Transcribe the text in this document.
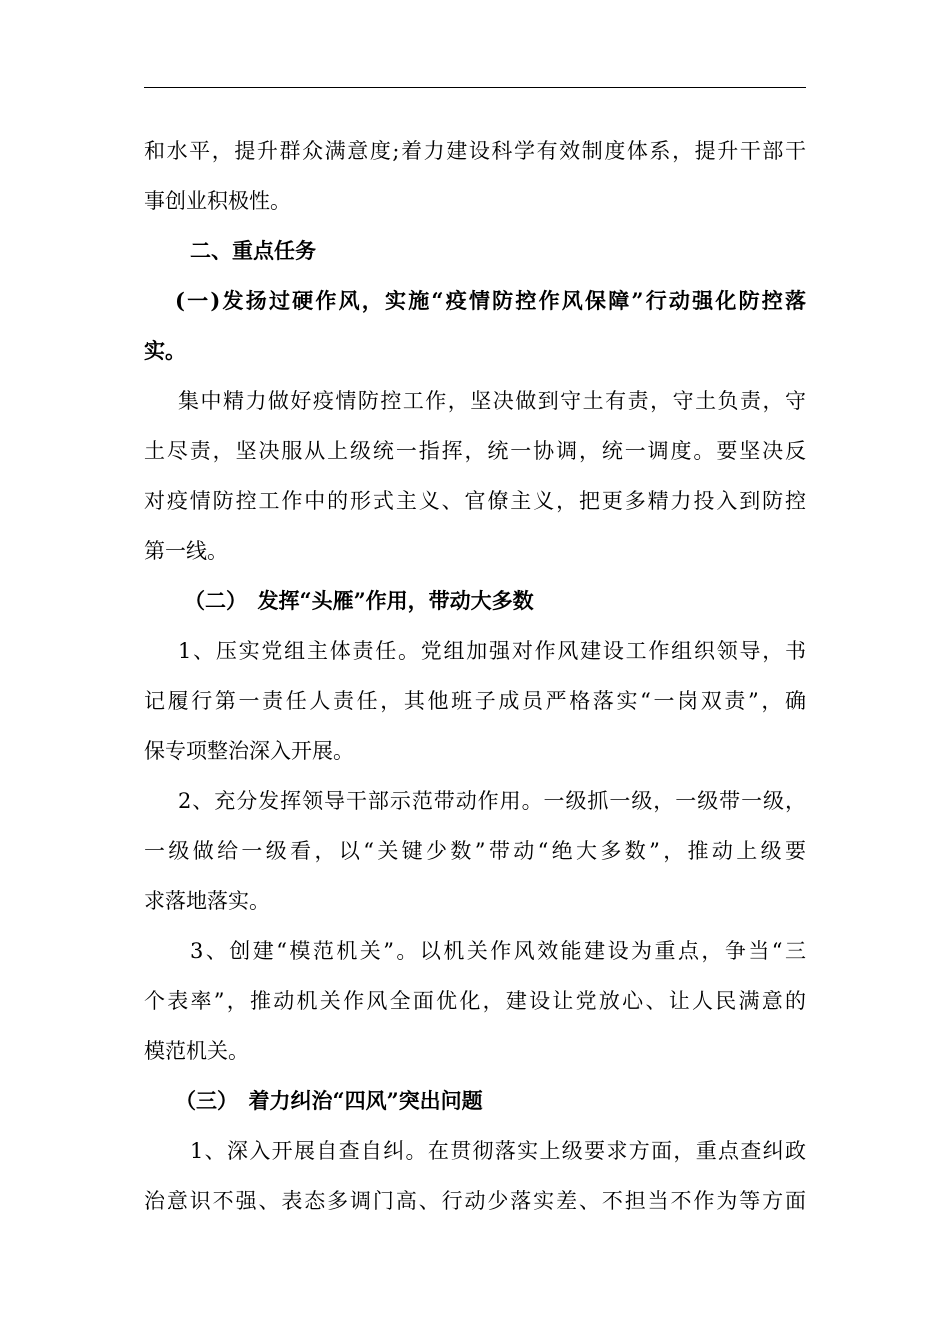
和水平，提升群众满意度;着力建设科学有效制度体系，提升干部干
事创业积极性。
二、重点任务
(一)发扬过硬作风，实施“疫情防控作风保障”行动强化防控落
实。
集中精力做好疫情防控工作，坚决做到守土有责，守土负责，守
土尽责，坚决服从上级统一指挥，统一协调，统一调度。要坚决反
对疫情防控工作中的形式主义、官僚主义，把更多精力投入到防控
第一线。
（二）　发挥“头雁”作用，带动大多数
1、压实党组主体责任。党组加强对作风建设工作组织领导，书
记履行第一责任人责任，其他班子成员严格落实“一岗双责”，确
保专项整治深入开展。
2、充分发挥领导干部示范带动作用。一级抓一级，一级带一级，
一级做给一级看，以“关键少数”带动“绝大多数”，推动上级要
求落地落实。
3、创建“模范机关”。以机关作风效能建设为重点，争当“三
个表率”，推动机关作风全面优化，建设让党放心、让人民满意的
模范机关。
（三）　着力纠治“四风”突出问题
1、深入开展自查自纠。在贯彻落实上级要求方面，重点查纠政
治意识不强、表态多调门高、行动少落实差、不担当不作为等方面
